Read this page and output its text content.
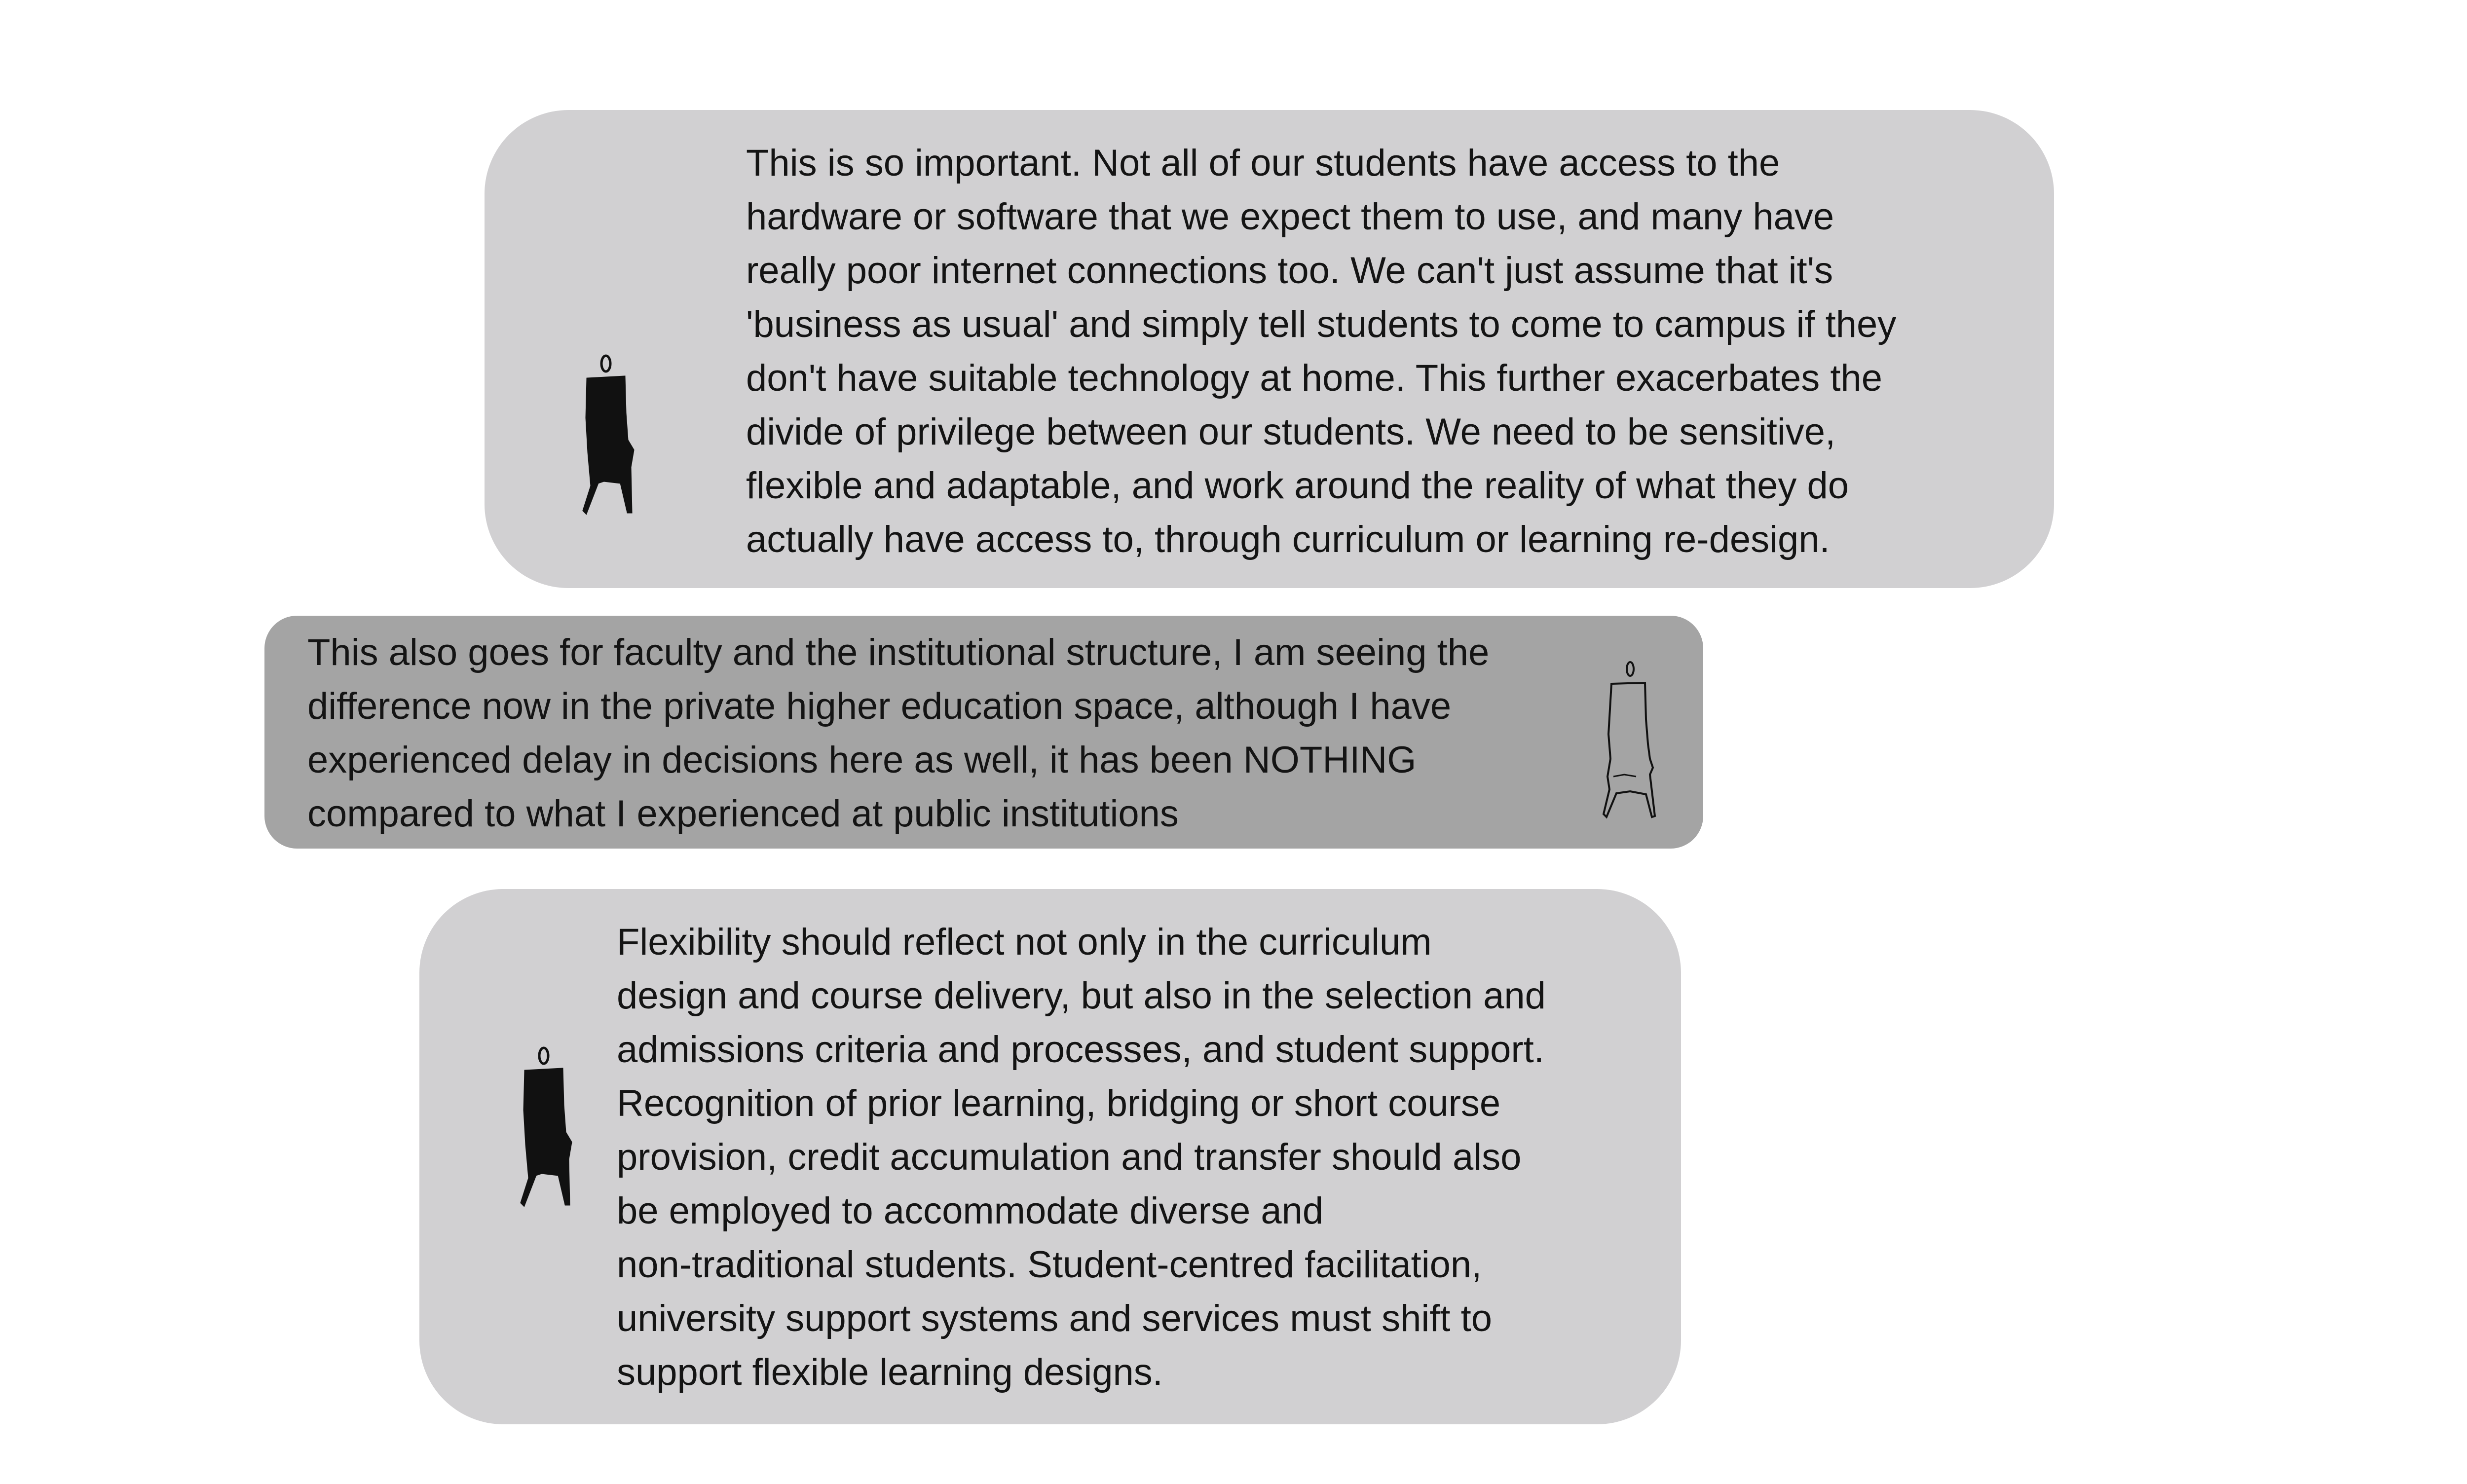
This is so important. Not all of our students have access to the
hardware or software that we expect them to use, and many have
really poor internet connections too. We can't just assume that it's
'business as usual' and simply tell students to come to campus if they
don't have suitable technology at home. This further exacerbates the
divide of privilege between our students. We need to be sensitive,
flexible and adaptable, and work around the reality of what they do
actually have access to, through curriculum or learning re-design.

This also goes for faculty and the institutional structure, I am seeing the
difference now in the private higher education space, although I have
experienced delay in decisions here as well, it has been NOTHING
compared to what I experienced at public institutions

Flexibility should reflect not only in the curriculum
design and course delivery, but also in the selection and
admissions criteria and processes, and student support.
Recognition of prior learning, bridging or short course
provision, credit accumulation and transfer should also
be employed to accommodate diverse and
non-traditional students. Student-centred facilitation,
university support systems and services must shift to
support flexible learning designs.
